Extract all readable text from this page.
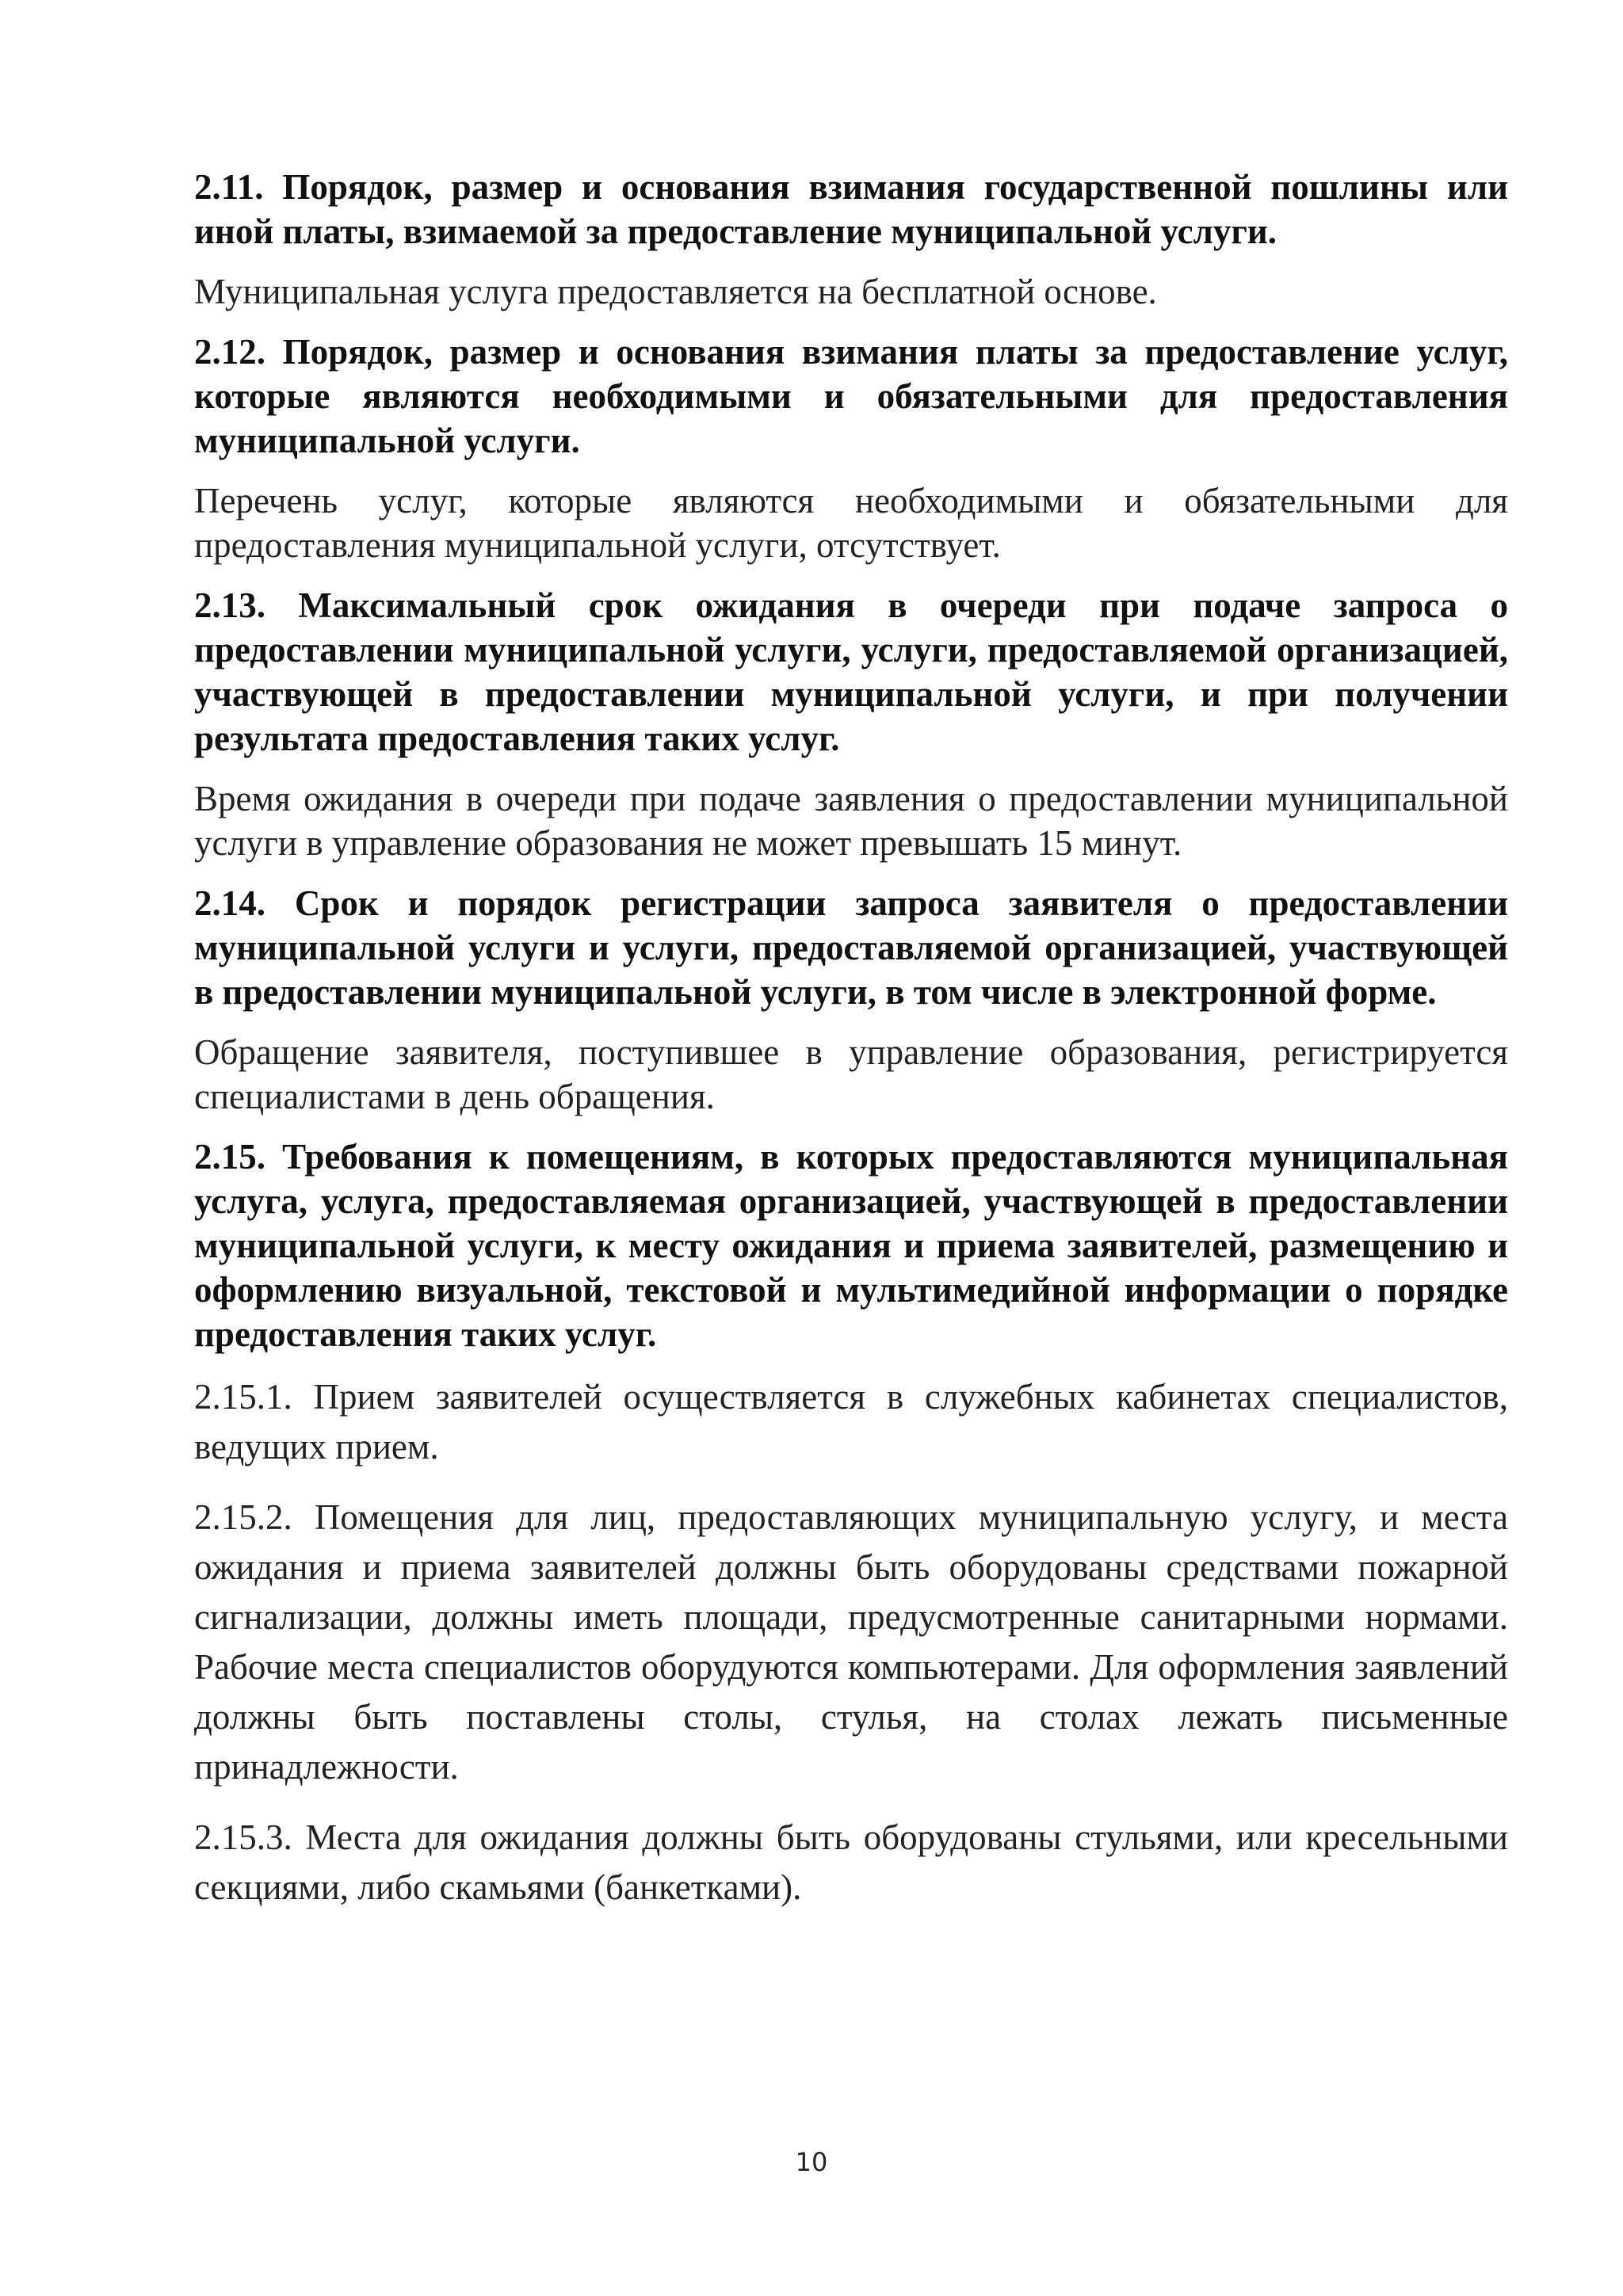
2.11. Порядок, размер и основания взимания государственной пошлины или иной платы, взимаемой за предоставление муниципальной услуги.

Муниципальная услуга предоставляется на бесплатной основе.

2.12. Порядок, размер и основания взимания платы за предоставление услуг, которые являются необходимыми и обязательными для предоставления муниципальной услуги.

Перечень услуг, которые являются необходимыми и обязательными для предоставления муниципальной услуги, отсутствует.

2.13. Максимальный срок ожидания в очереди при подаче запроса о предоставлении муниципальной услуги, услуги, предоставляемой организацией, участвующей в предоставлении муниципальной услуги, и при получении результата предоставления таких услуг.

Время ожидания в очереди при подаче заявления о предоставлении муниципальной услуги в управление образования не может превышать 15 минут.

2.14. Срок и порядок регистрации запроса заявителя о предоставлении муниципальной услуги и услуги, предоставляемой организацией, участвующей в предоставлении муниципальной услуги, в том числе в электронной форме.

Обращение заявителя, поступившее в управление образования, регистрируется специалистами в день обращения.

2.15. Требования к помещениям, в которых предоставляются муниципальная услуга, услуга, предоставляемая организацией, участвующей в предоставлении муниципальной услуги, к месту ожидания и приема заявителей, размещению и оформлению визуальной, текстовой и мультимедийной информации о порядке предоставления таких услуг.

2.15.1. Прием заявителей осуществляется в служебных кабинетах специалистов, ведущих прием.

2.15.2. Помещения для лиц, предоставляющих муниципальную услугу, и места ожидания и приема заявителей должны быть оборудованы средствами пожарной сигнализации, должны иметь площади, предусмотренные санитарными нормами. Рабочие места специалистов оборудуются компьютерами. Для оформления заявлений должны быть поставлены столы, стулья, на столах лежать письменные принадлежности.

2.15.3. Места для ожидания должны быть оборудованы стульями, или кресельными секциями, либо скамьями (банкетками).

10
